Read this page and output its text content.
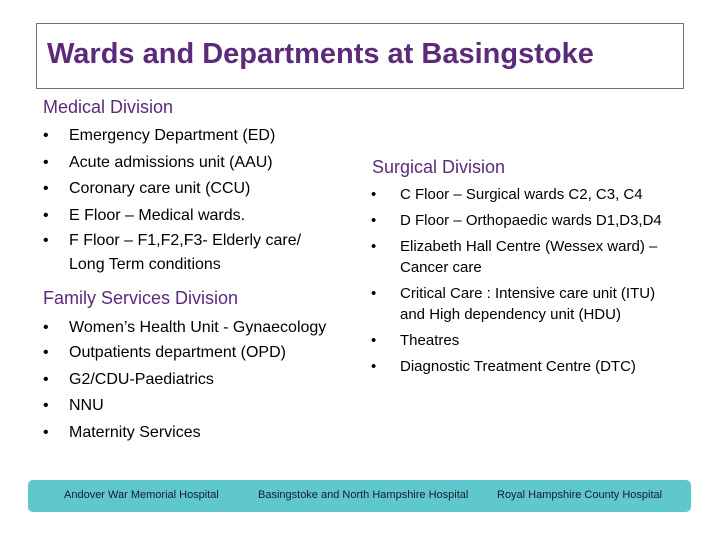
Wards and Departments at Basingstoke
Medical Division
• Emergency Department (ED)
• Acute admissions unit (AAU)
• Coronary care unit (CCU)
• E Floor – Medical wards.
• F Floor – F1,F2,F3- Elderly care/ Long Term conditions
Family Services Division
• Women’s Health Unit - Gynaecology
• Outpatients department (OPD)
• G2/CDU-Paediatrics
• NNU
• Maternity Services
Surgical Division
• C Floor – Surgical wards C2, C3, C4
• D Floor – Orthopaedic wards D1,D3,D4
• Elizabeth Hall Centre (Wessex ward) – Cancer care
• Critical Care : Intensive care unit (ITU) and High dependency unit (HDU)
• Theatres
• Diagnostic Treatment Centre (DTC)
Andover War Memorial Hospital	Basingstoke and North Hampshire Hospital	Royal Hampshire County Hospital
